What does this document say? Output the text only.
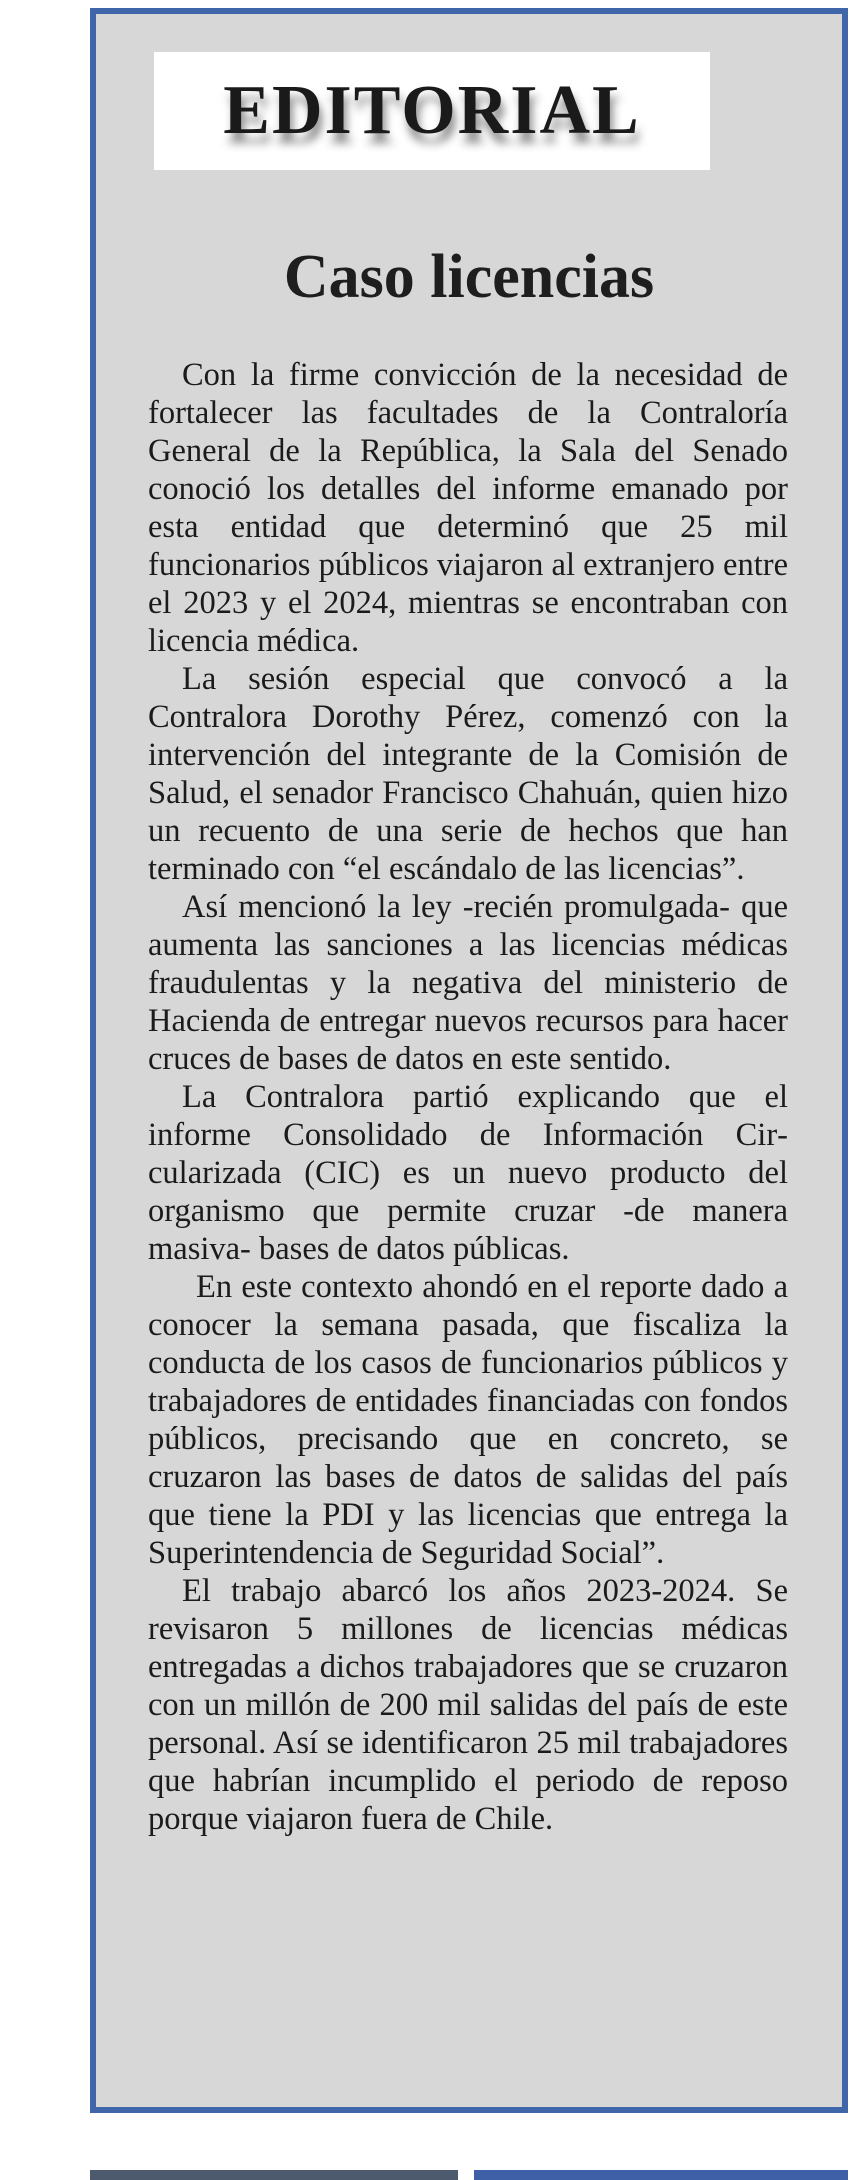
EDITORIAL
Caso licencias

Con la firme convicción de la necesidad de fortalecer las facultades de la Contraloría General de la República, la Sala del Senado conoció los detalles del informe emanado por esta entidad que determinó que 25 mil funcionarios públicos viajaron al extranjero entre el 2023 y el 2024, mientras se encontraban con licencia médica.

La sesión especial que convocó a la Contralora Dorothy Pérez, comenzó con la intervención del integrante de la Comisión de Salud, el senador Francisco Chahuán, quien hizo un recuento de una serie de hechos que han terminado con “el escándalo de las licencias”.

Así mencionó la ley -recién promulgada- que aumenta las sanciones a las licencias médicas fraudulentas y la negativa del ministerio de Hacienda de entregar nuevos recursos para hacer cruces de bases de datos en este sentido.

La Contralora partió explicando que el informe Consolidado de Información Circularizada (CIC) es un nuevo producto del organismo que permite cruzar -de manera masiva- bases de datos públicas.

En este contexto ahondó en el reporte dado a conocer la semana pasada, que fiscaliza la conducta de los casos de funcionarios públicos y trabajadores de entidades financiadas con fondos públicos, precisando que en concreto, se cruzaron las bases de datos de salidas del país que tiene la PDI y las licencias que entrega la Superintendencia de Seguridad Social”.

El trabajo abarcó los años 2023-2024. Se revisaron 5 millones de licencias médicas entregadas a dichos trabajadores que se cruzaron con un millón de 200 mil salidas del país de este personal. Así se identificaron 25 mil trabajadores que habrían incumplido el periodo de reposo porque viajaron fuera de Chile.
